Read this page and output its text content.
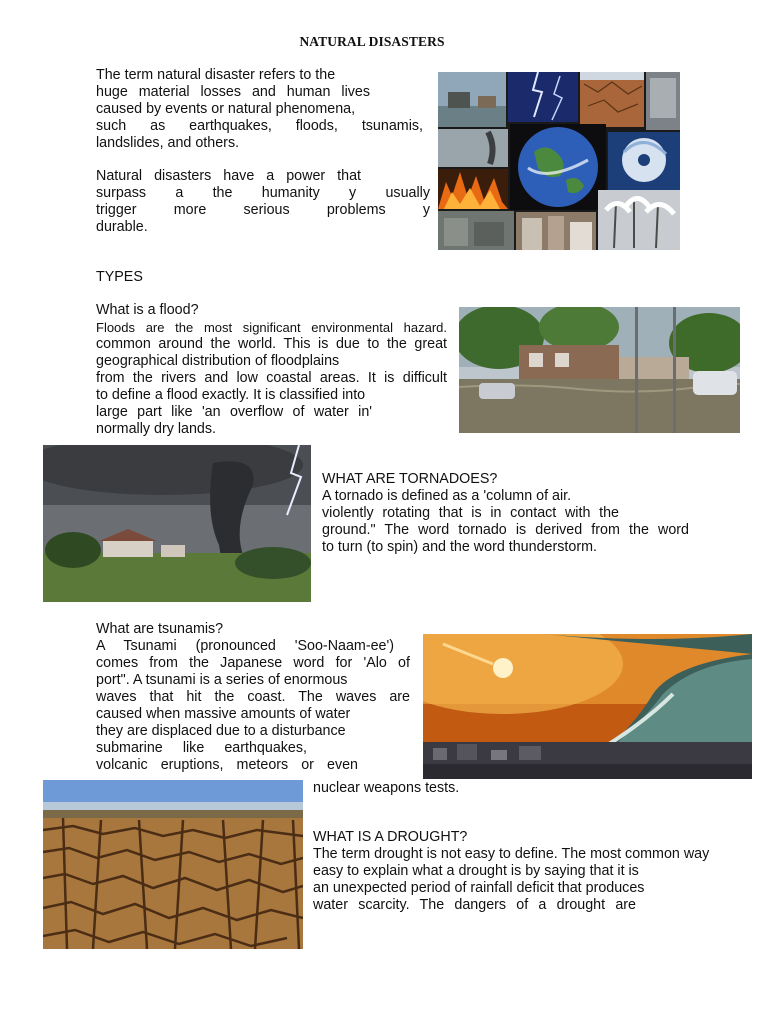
NATURAL DISASTERS
The term natural disaster refers to the
huge material losses and human lives
caused by events or natural phenomena,
such as earthquakes, floods, tsunamis,
landslides, and others.
Natural disasters have a power that
surpass a the humanity y usually
trigger more serious problems y
durable.
TYPES
What is a flood?
Floods are the most significant environmental hazard.
common around the world. This is due to the great
geographical distribution of floodplains
from the rivers and low coastal areas. It is difficult
to define a flood exactly. It is classified into
large part like 'an overflow of water in'
normally dry lands.
WHAT ARE TORNADOES?
A tornado is defined as a 'column of air.
violently rotating that is in contact with the
ground." The word tornado is derived from the word
to turn (to spin) and the word thunderstorm.
What are tsunamis?
A Tsunami (pronounced 'Soo-Naam-ee')
comes from the Japanese word for 'Alo of
port". A tsunami is a series of enormous
waves that hit the coast. The waves are
caused when massive amounts of water
they are displaced due to a disturbance
submarine like earthquakes,
volcanic eruptions, meteors or even
nuclear weapons tests.
WHAT IS A DROUGHT?
The term drought is not easy to define. The most common way
easy to explain what a drought is by saying that it is
an unexpected period of rainfall deficit that produces
water scarcity. The dangers of a drought are
